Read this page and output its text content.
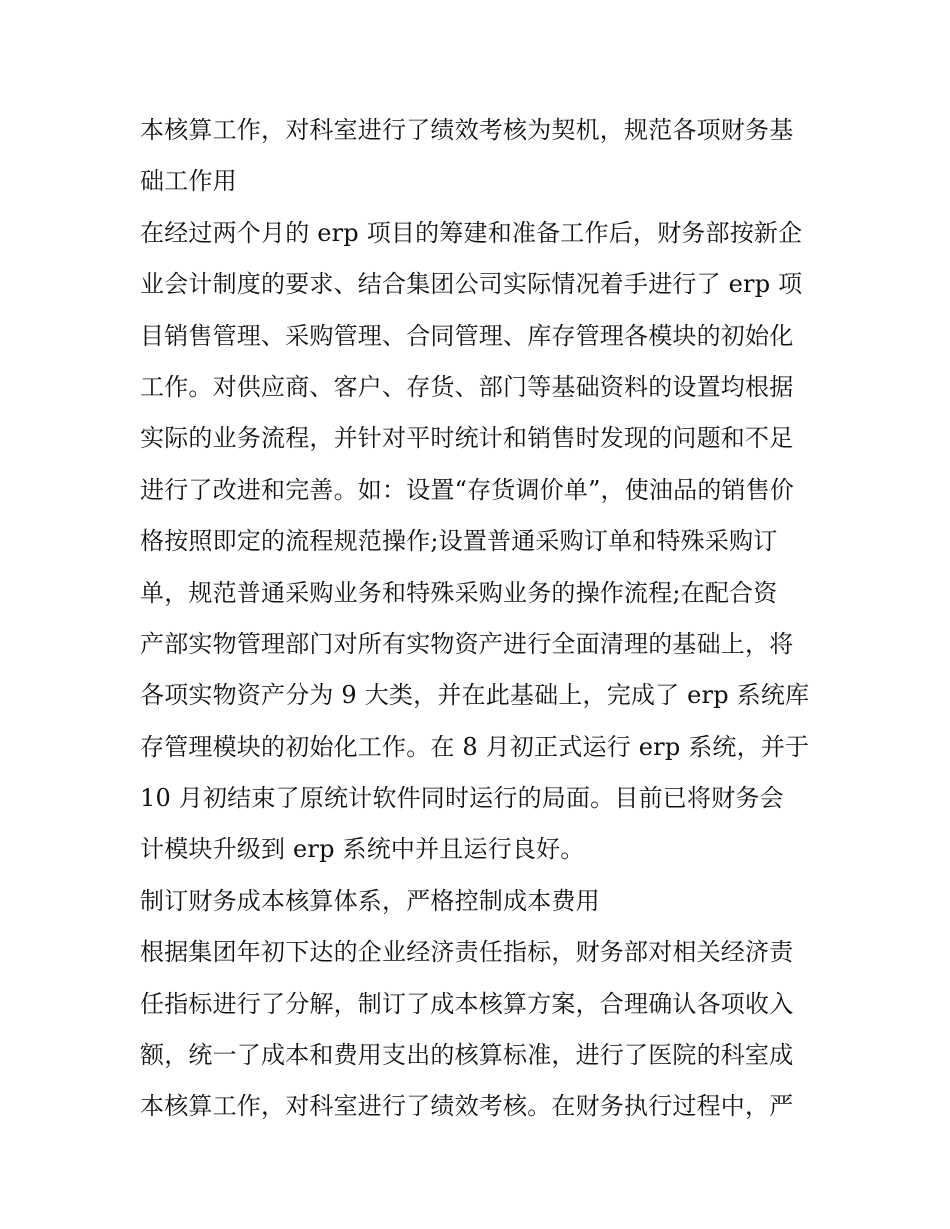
本核算工作，对科室进行了绩效考核为契机，规范各项财务基
础工作用
在经过两个月的 erp 项目的筹建和准备工作后，财务部按新企
业会计制度的要求、结合集团公司实际情况着手进行了 erp 项
目销售管理、采购管理、合同管理、库存管理各模块的初始化
工作。对供应商、客户、存货、部门等基础资料的设置均根据
实际的业务流程，并针对平时统计和销售时发现的问题和不足
进行了改进和完善。如：设置“存货调价单”，使油品的销售价
格按照即定的流程规范操作;设置普通采购订单和特殊采购订
单，规范普通采购业务和特殊采购业务的操作流程;在配合资
产部实物管理部门对所有实物资产进行全面清理的基础上，将
各项实物资产分为 9 大类，并在此基础上，完成了 erp 系统库
存管理模块的初始化工作。在 8 月初正式运行 erp 系统，并于
10 月初结束了原统计软件同时运行的局面。目前已将财务会
计模块升级到 erp 系统中并且运行良好。
制订财务成本核算体系，严格控制成本费用
根据集团年初下达的企业经济责任指标，财务部对相关经济责
任指标进行了分解，制订了成本核算方案，合理确认各项收入
额，统一了成本和费用支出的核算标准，进行了医院的科室成
本核算工作，对科室进行了绩效考核。在财务执行过程中，严
